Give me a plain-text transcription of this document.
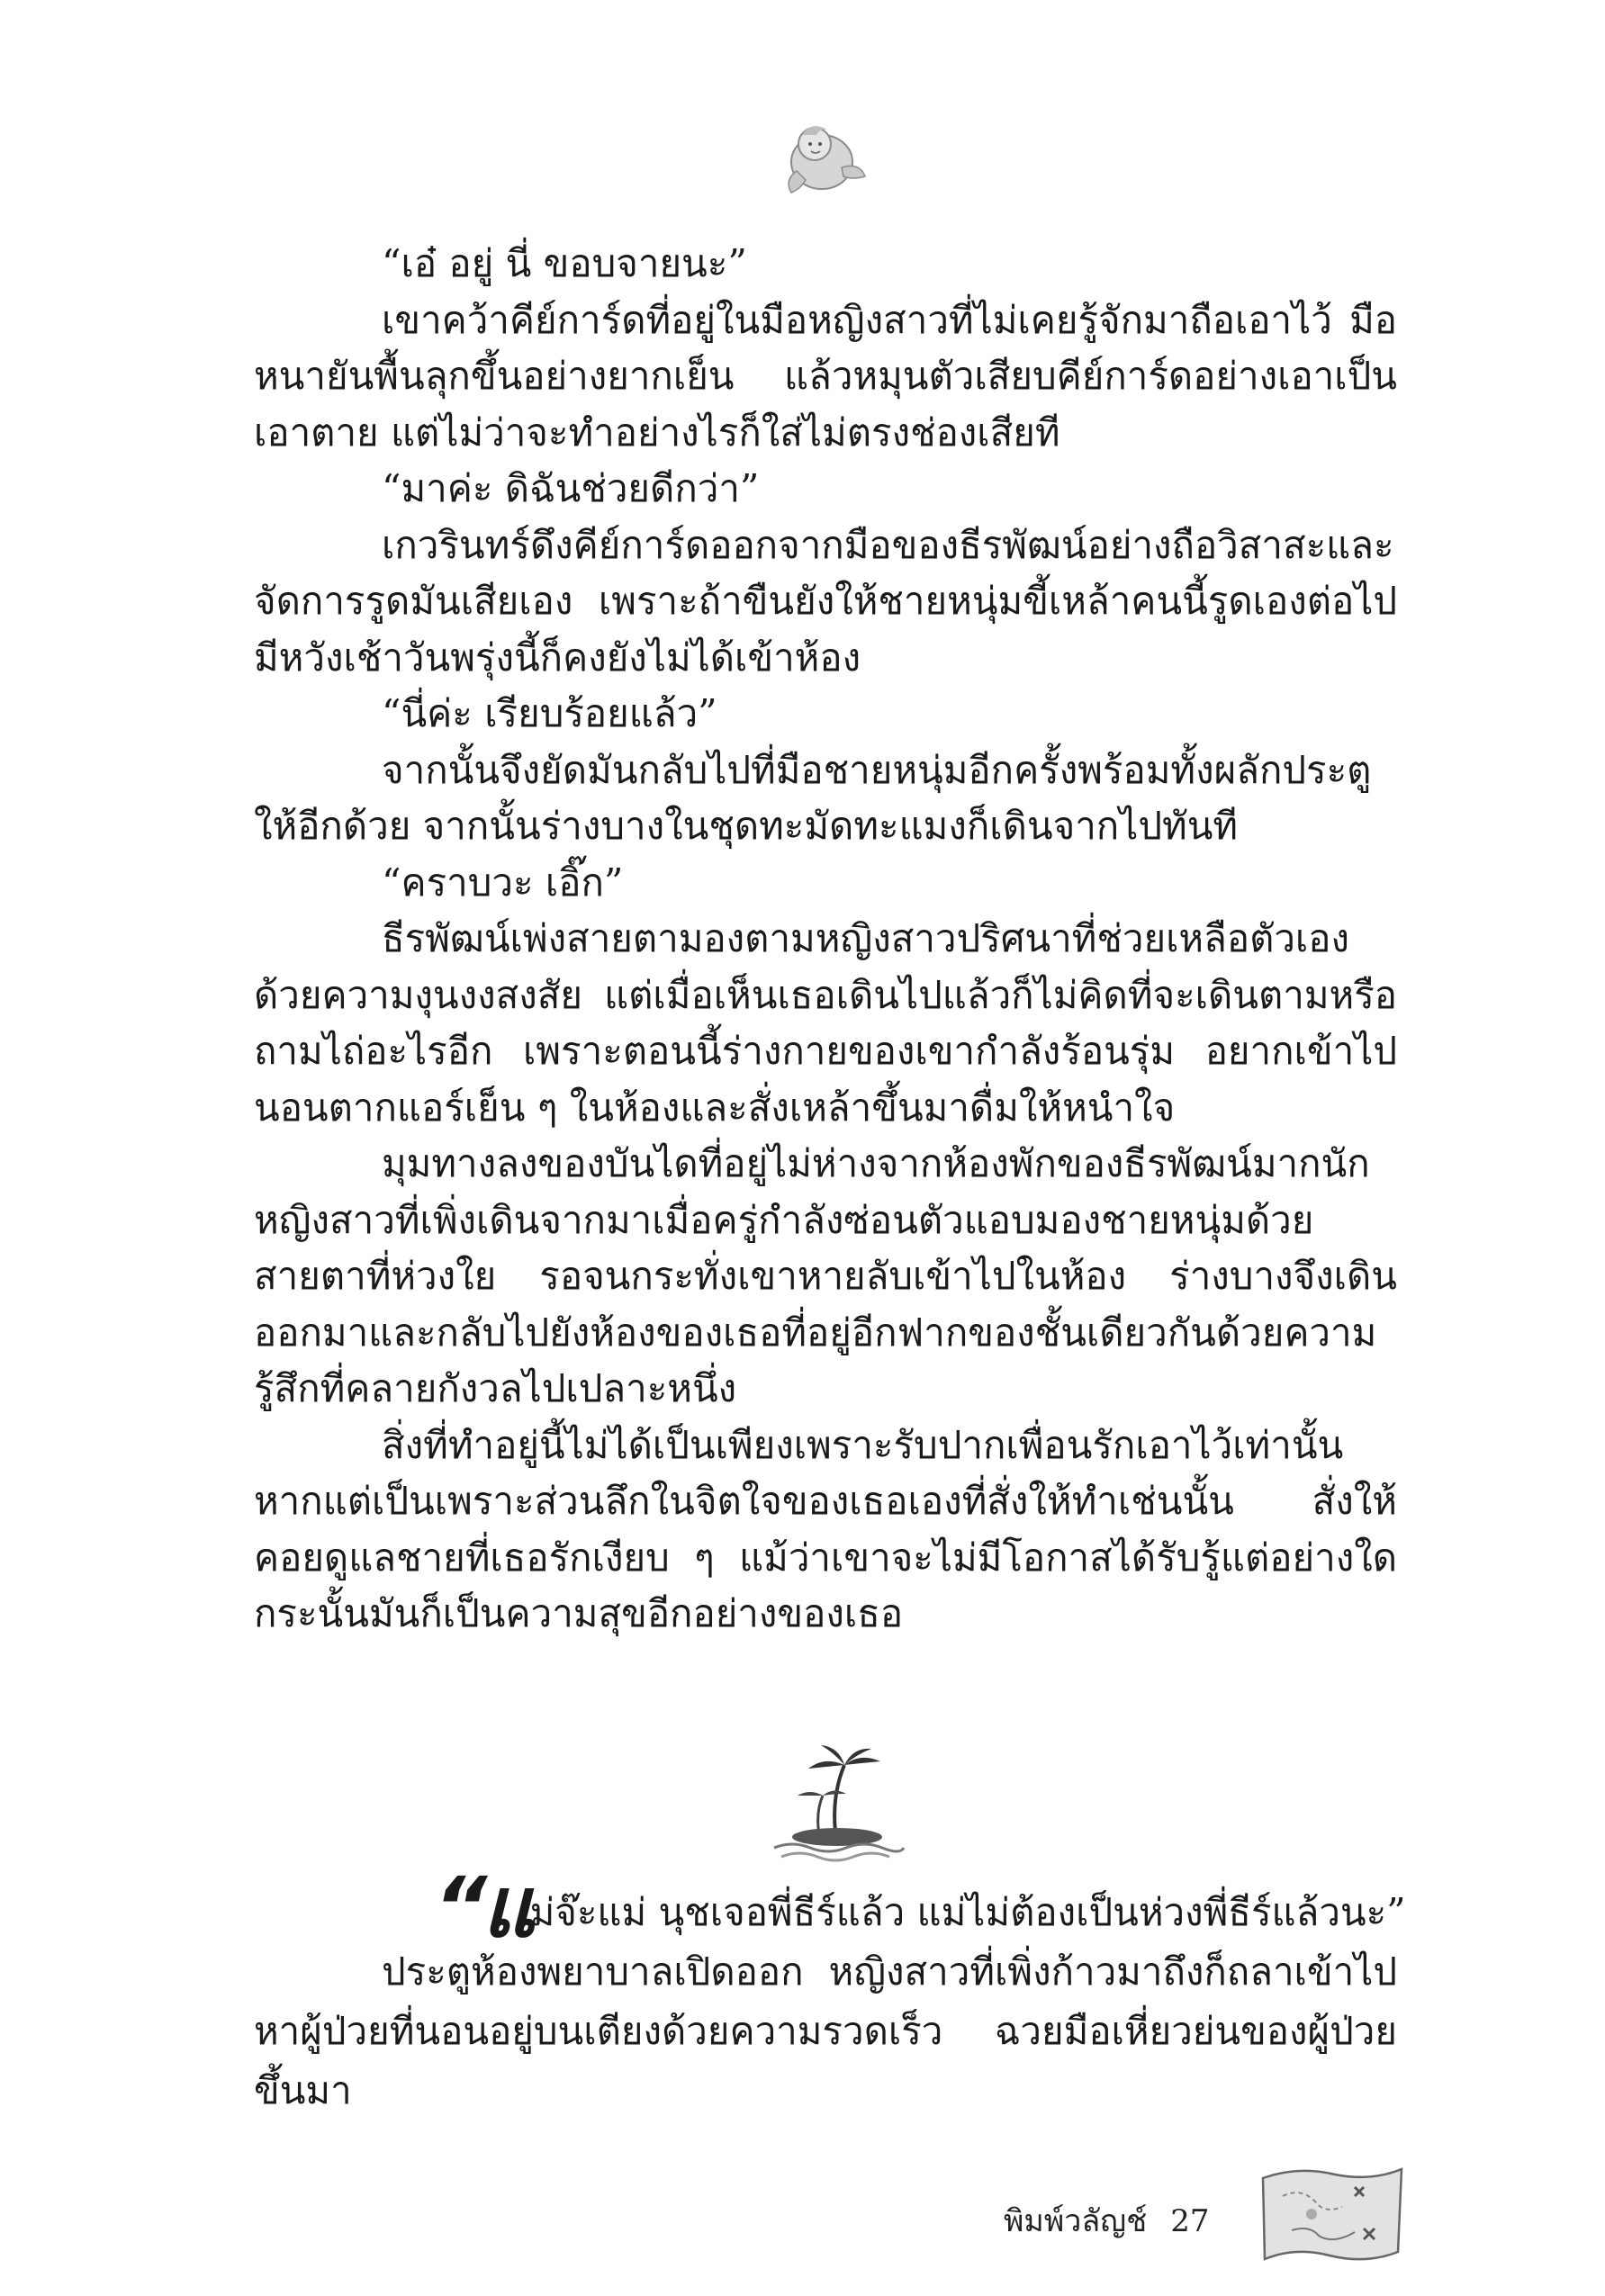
“เอ๋ อยู่ นี่ ขอบจายนะ”

เขาคว้าคีย์การ์ดที่อยู่ในมือหญิงสาวที่ไม่เคยรู้จักมาถือเอาไว้ มือหนายันพื้นลุกขึ้นอย่างยากเย็น แล้วหมุนตัวเสียบคีย์การ์ดอย่างเอาเป็นเอาตาย แต่ไม่ว่าจะทำอย่างไรก็ใส่ไม่ตรงช่องเสียที

“มาค่ะ ดิฉันช่วยดีกว่า”

เกวรินทร์ดึงคีย์การ์ดออกจากมือของธีรพัฒน์อย่างถือวิสาสะและจัดการรูดมันเสียเอง เพราะถ้าขืนยังให้ชายหนุ่มขี้เหล้าคนนี้รูดเองต่อไป มีหวังเช้าวันพรุ่งนี้ก็คงยังไม่ได้เข้าห้อง

“นี่ค่ะ เรียบร้อยแล้ว”

จากนั้นจึงยัดมันกลับไปที่มือชายหนุ่มอีกครั้งพร้อมทั้งผลักประตูให้อีกด้วย จากนั้นร่างบางในชุดทะมัดทะแมงก็เดินจากไปทันที

“คราบวะ เอิ๊ก”

ธีรพัฒน์เพ่งสายตามองตามหญิงสาวปริศนาที่ช่วยเหลือตัวเองด้วยความงุนงงสงสัย แต่เมื่อเห็นเธอเดินไปแล้วก็ไม่คิดที่จะเดินตามหรือถามไถ่อะไรอีก เพราะตอนนี้ร่างกายของเขากำลังร้อนรุ่ม อยากเข้าไปนอนตากแอร์เย็น ๆ ในห้องและสั่งเหล้าขึ้นมาดื่มให้หนำใจ

มุมทางลงของบันไดที่อยู่ไม่ห่างจากห้องพักของธีรพัฒน์มากนัก หญิงสาวที่เพิ่งเดินจากมาเมื่อครู่กำลังซ่อนตัวแอบมองชายหนุ่มด้วยสายตาที่ห่วงใย รอจนกระทั่งเขาหายลับเข้าไปในห้อง ร่างบางจึงเดินออกมาและกลับไปยังห้องของเธอที่อยู่อีกฟากของชั้นเดียวกันด้วยความรู้สึกที่คลายกังวลไปเปลาะหนึ่ง

สิ่งที่ทำอยู่นี้ไม่ได้เป็นเพียงเพราะรับปากเพื่อนรักเอาไว้เท่านั้น หากแต่เป็นเพราะส่วนลึกในจิตใจของเธอเองที่สั่งให้ทำเช่นนั้น สั่งให้คอยดูแลชายที่เธอรักเงียบ ๆ แม้ว่าเขาจะไม่มีโอกาสได้รับรู้แต่อย่างใด กระนั้นมันก็เป็นความสุขอีกอย่างของเธอ

“แม่จ๊ะแม่ นุชเจอพี่ธีร์แล้ว แม่ไม่ต้องเป็นห่วงพี่ธีร์แล้วนะ”

ประตูห้องพยาบาลเปิดออก หญิงสาวที่เพิ่งก้าวมาถึงก็ถลาเข้าไปหาผู้ป่วยที่นอนอยู่บนเตียงด้วยความรวดเร็ว ฉวยมือเหี่ยวย่นของผู้ป่วยขึ้นมา

พิมพ์วลัญช์ 27
